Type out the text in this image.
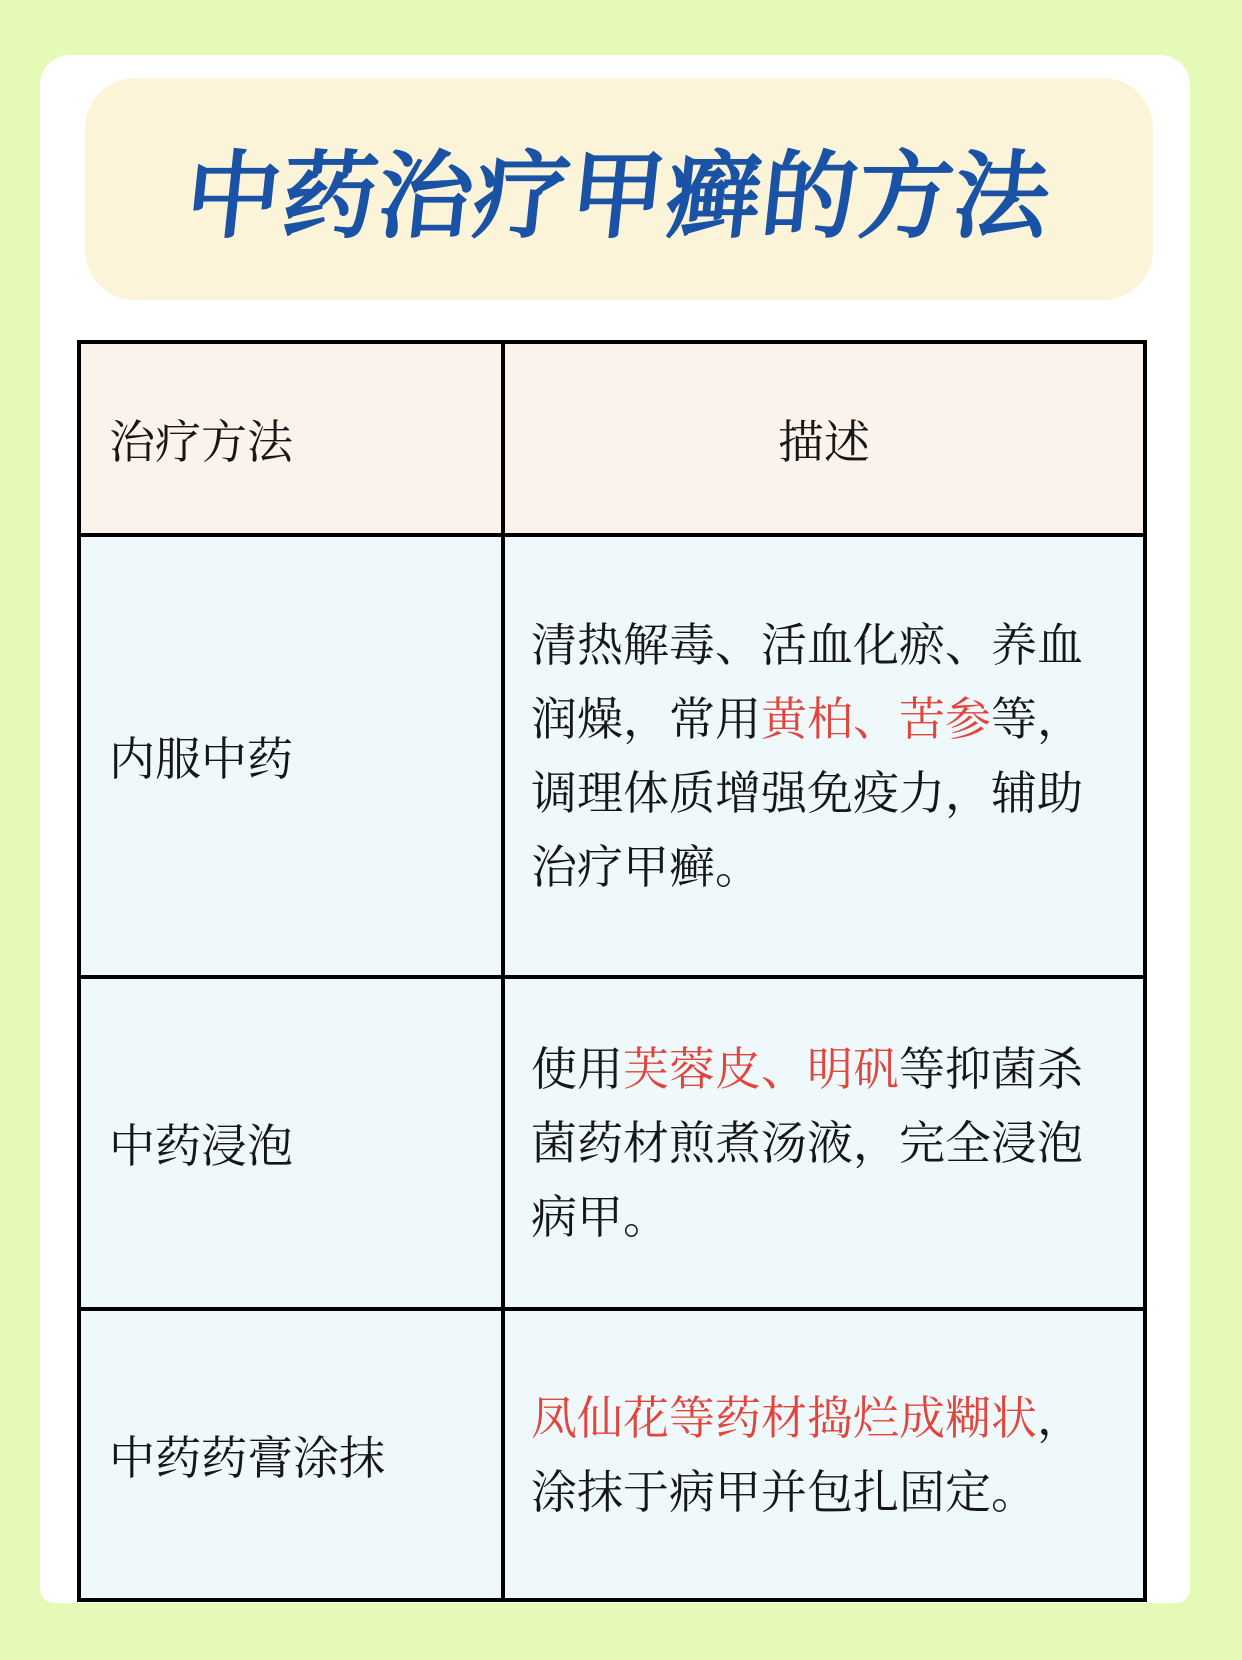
中药治疗甲癣的方法
治疗方法	描述
内服中药	清热解毒、活血化瘀、养血润燥，常用黄柏、苦参等，调理体质增强免疫力，辅助治疗甲癣。
中药浸泡	使用芙蓉皮、明矾等抑菌杀菌药材煎煮汤液，完全浸泡病甲。
中药药膏涂抹	凤仙花等药材捣烂成糊状，涂抹于病甲并包扎固定。
